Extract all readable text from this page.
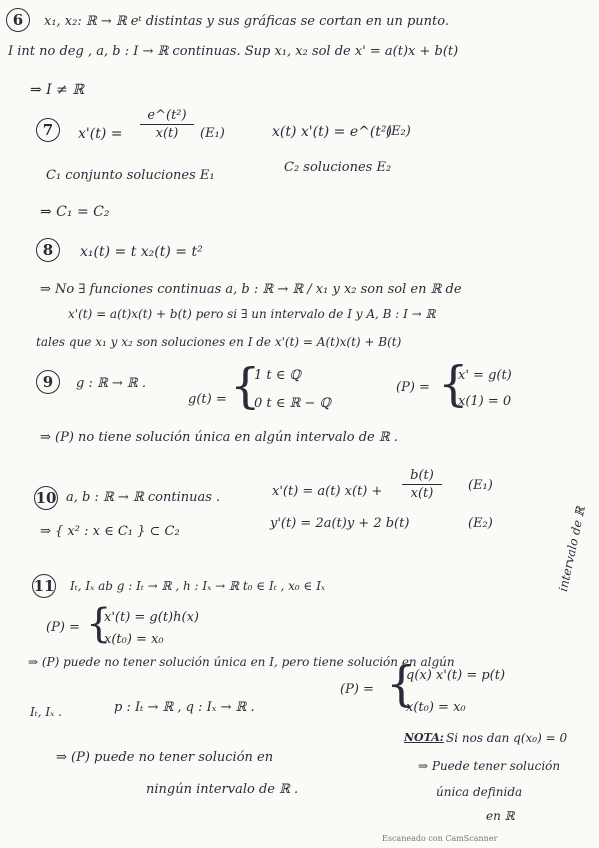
6	x₁, x₂: ℝ → ℝ eᵗ distintas y sus gráficas se cortan en un punto.
I int no deg , a, b : I → ℝ continuas. Sup x₁, x₂ sol de x' = a(t)x + b(t)
⇒ I ≠ ℝ
7	x'(t) =
e^(t²)
x(t)	(E₁)	x(t) x'(t) = e^(t²)
(E₂)
C₁ conjunto soluciones E₁
C₂ soluciones E₂
⇒ C₁ = C₂
8	x₁(t) = t x₂(t) = t²
⇒ No ∃ funciones continuas a, b : ℝ → ℝ / x₁ y x₂ son sol en ℝ de
x'(t) = a(t)x(t) + b(t) pero si ∃ un intervalo de I y A, B : I → ℝ
tales que x₁ y x₂ son soluciones en I de x'(t) = A(t)x(t) + B(t)
9	g : ℝ → ℝ .
g(t) = {
1 t ∈ ℚ
0 t ∈ ℝ − ℚ
(P) = {
x' = g(t)
x(1) = 0
⇒ (P) no tiene solución única en algún intervalo de ℝ .
10 a, b : ℝ → ℝ continuas .	x'(t) = a(t) x(t) +
b(t)
x(t)
(E₁)
⇒ { x² : x ∈ C₁ } ⊂ C₂
y'(t) = 2a(t)y + 2 b(t)	(E₂)
11 Iₜ, Iₓ ab g : Iₜ → ℝ , h : Iₓ → ℝ t₀ ∈ Iₜ , x₀ ∈ Iₓ
(P) = {
x'(t) = g(t)h(x)
x(t₀) = x₀
intervalo de ℝ
⇒ (P) puede no tener solución única en I, pero tiene solución en algún
Iₜ, Iₓ .	p : Iₜ → ℝ , q : Iₓ → ℝ .
(P) = {
q(x) x'(t) = p(t)
x(t₀) = x₀
NOTA: Si nos dan q(x₀) = 0
⇒ Puede tener solución
única definida
en ℝ
⇒ (P) puede no tener solución en
ningún intervalo de ℝ .
Escaneado con CamScanner
